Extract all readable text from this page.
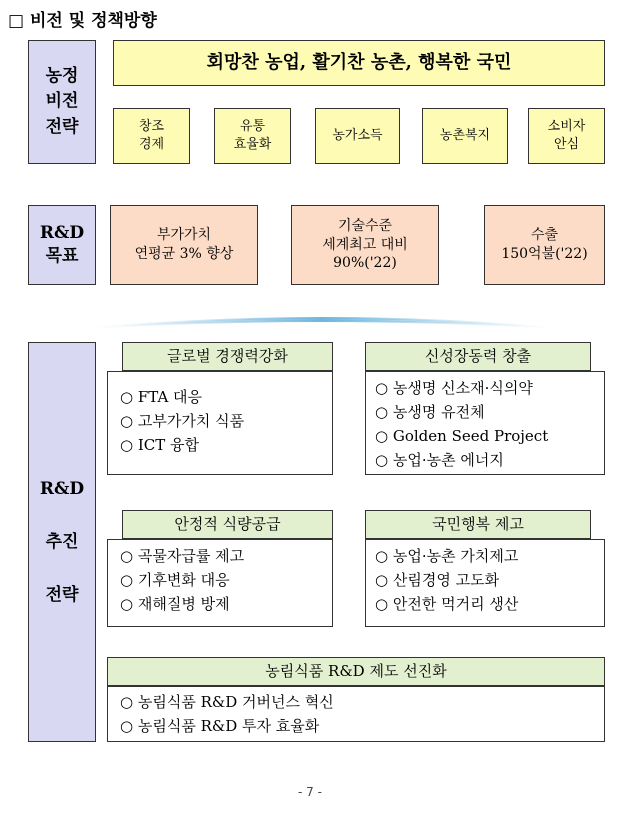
□ 비전 및 정책방향
농정
비전
전략
회망찬 농업, 활기찬 농촌, 행복한 국민
창조
경제
유통
효율화
농가소득	농촌복지
소비자
안심
R&D
목표
부가가치
연평균 3% 향상
기술수준
세계최고 대비
90%('22)
수출
150억불('22)
R&D

추진

전략
글로벌 경쟁력강화
○ FTA 대응
○ 고부가가치 식품
○ ICT 융합
신성장동력 창출
○ 농생명 신소재·식의약
○ 농생명 유전체
○ Golden Seed Project
○ 농업·농촌 에너지
안정적 식량공급
○ 곡물자급률 제고
○ 기후변화 대응
○ 재해질병 방제
국민행복 제고
○ 농업·농촌 가치제고
○ 산림경영 고도화
○ 안전한 먹거리 생산
농림식품 R&D 제도 선진화
○ 농림식품 R&D 거버넌스 혁신
○ 농림식품 R&D 투자 효율화
- 7 -
